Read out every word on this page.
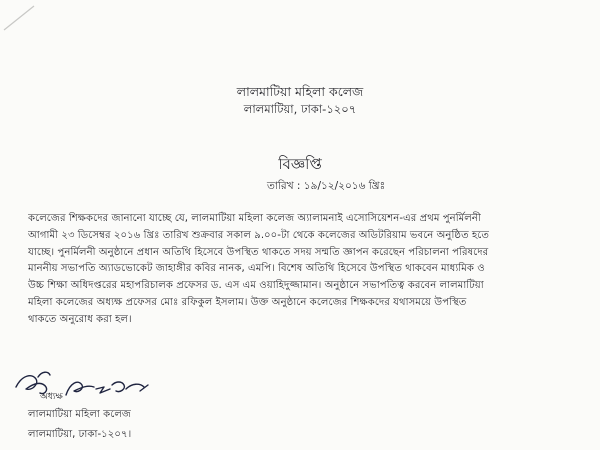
লালমাটিয়া মহিলা কলেজ
লালমাটিয়া, ঢাকা-১২০৭
বিজ্ঞপ্তি
তারিখ : ১৯/১২/২০১৬ খ্রিঃ
কলেজের শিক্ষকদের জানানো যাচ্ছে যে, লালমাটিয়া মহিলা কলেজ অ্যালামনাই এসোসিয়েশন-এর প্রথম পুনর্মিলনী
আগামী ২৩ ডিসেম্বর ২০১৬ খ্রিঃ তারিখ শুক্রবার সকাল ৯.০০-টা থেকে কলেজের অডিটরিয়াম ভবনে অনুষ্ঠিত হতে
যাচ্ছে। পুনর্মিলনী অনুষ্ঠানে প্রধান অতিথি হিসেবে উপস্থিত থাকতে সদয় সম্মতি জ্ঞাপন করেছেন পরিচালনা পরিষদের
মাননীয় সভাপতি অ্যাডভোকেট জাহাঙ্গীর কবির নানক, এমপি। বিশেষ অতিথি হিসেবে উপস্থিত থাকবেন মাধ্যমিক ও
উচ্চ শিক্ষা অধিদপ্তরের মহাপরিচালক প্রফেসর ড. এস এম ওয়াহিদুজ্জামান। অনুষ্ঠানে সভাপতিত্ব করবেন লালমাটিয়া
মহিলা কলেজের অধ্যক্ষ প্রফেসর মোঃ রফিকুল ইসলাম। উক্ত অনুষ্ঠানে কলেজের শিক্ষকদের যথাসময়ে উপস্থিত
থাকতে অনুরোধ করা হল।
অধ্যক্ষ
লালমাটিয়া মহিলা কলেজ
লালমাটিয়া, ঢাকা-১২০৭।
